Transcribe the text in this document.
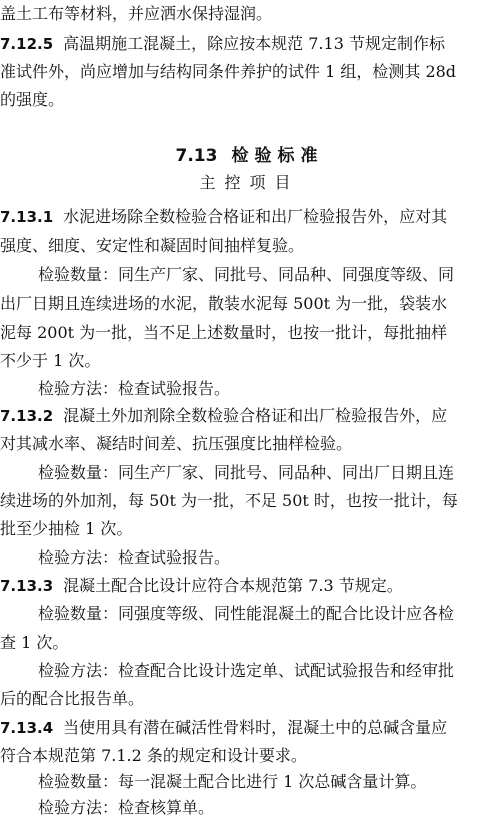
盖土工布等材料，并应洒水保持湿润。
7.12.5 高温期施工混凝土，除应按本规范 7.13 节规定制作标
准试件外，尚应增加与结构同条件养护的试件 1 组，检测其 28d
的强度。
7.13 检验标准
主控项目
7.13.1 水泥进场除全数检验合格证和出厂检验报告外，应对其
强度、细度、安定性和凝固时间抽样复验。
检验数量：同生产厂家、同批号、同品种、同强度等级、同
出厂日期且连续进场的水泥，散装水泥每 500t 为一批，袋装水
泥每 200t 为一批，当不足上述数量时，也按一批计，每批抽样
不少于 1 次。
检验方法：检查试验报告。
7.13.2 混凝土外加剂除全数检验合格证和出厂检验报告外，应
对其减水率、凝结时间差、抗压强度比抽样检验。
检验数量：同生产厂家、同批号、同品种、同出厂日期且连
续进场的外加剂，每 50t 为一批，不足 50t 时，也按一批计，每
批至少抽检 1 次。
检验方法：检查试验报告。
7.13.3 混凝土配合比设计应符合本规范第 7.3 节规定。
检验数量：同强度等级、同性能混凝土的配合比设计应各检
查 1 次。
检验方法：检查配合比设计选定单、试配试验报告和经审批
后的配合比报告单。
7.13.4 当使用具有潜在碱活性骨料时，混凝土中的总碱含量应
符合本规范第 7.1.2 条的规定和设计要求。
检验数量：每一混凝土配合比进行 1 次总碱含量计算。
检验方法：检查核算单。
